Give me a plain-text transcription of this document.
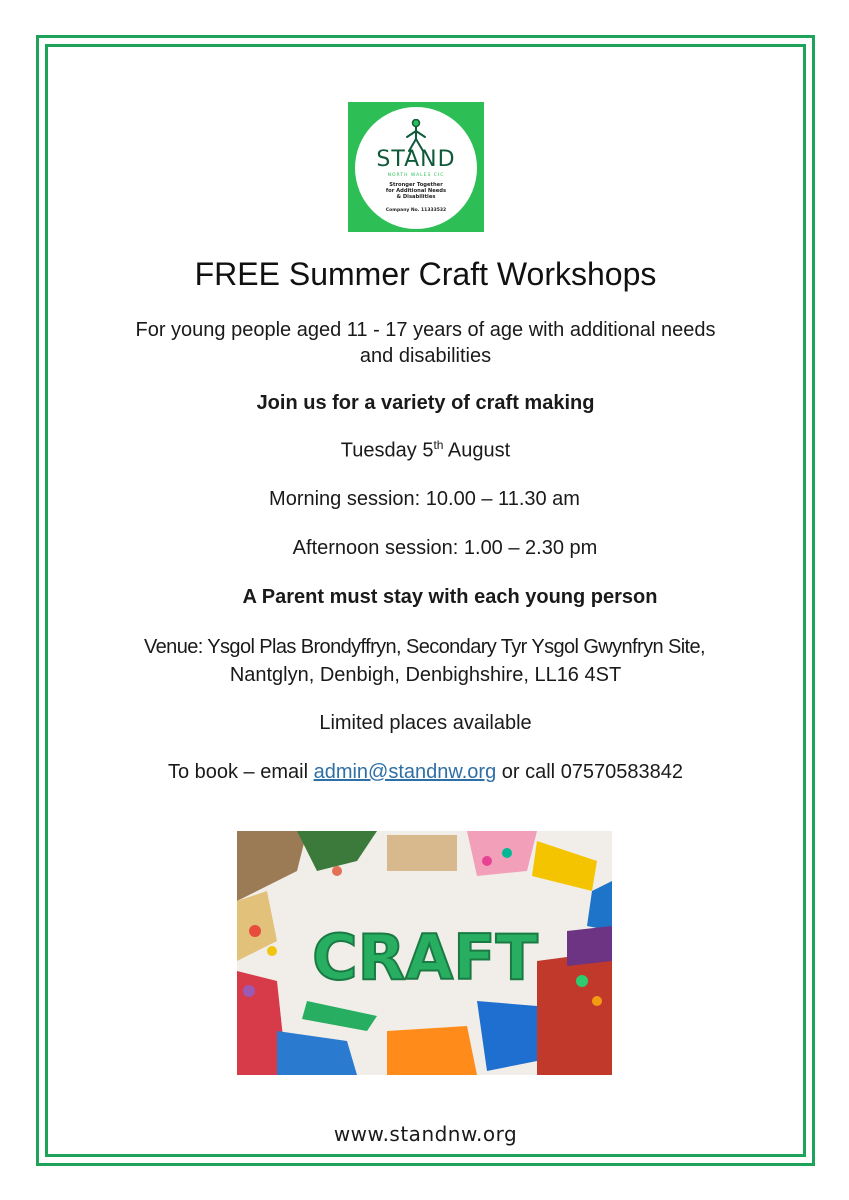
STAND
NORTH WALES CIC
Stronger Together
for Additional Needs
& Disabilities
Company No. 11333532
FREE Summer Craft Workshops
For young people aged 11 - 17 years of age with additional needs
and disabilities
Join us for a variety of craft making
Tuesday 5th August
Morning session: 10.00 – 11.30 am
Afternoon session: 1.00 – 2.30 pm
A Parent must stay with each young person
Venue: Ysgol Plas Brondyffryn, Secondary Tyr Ysgol Gwynfryn Site,
Nantglyn, Denbigh, Denbighshire, LL16 4ST
Limited places available
To book – email admin@standnw.org or call 07570583842
CRAFT
www.standnw.org
